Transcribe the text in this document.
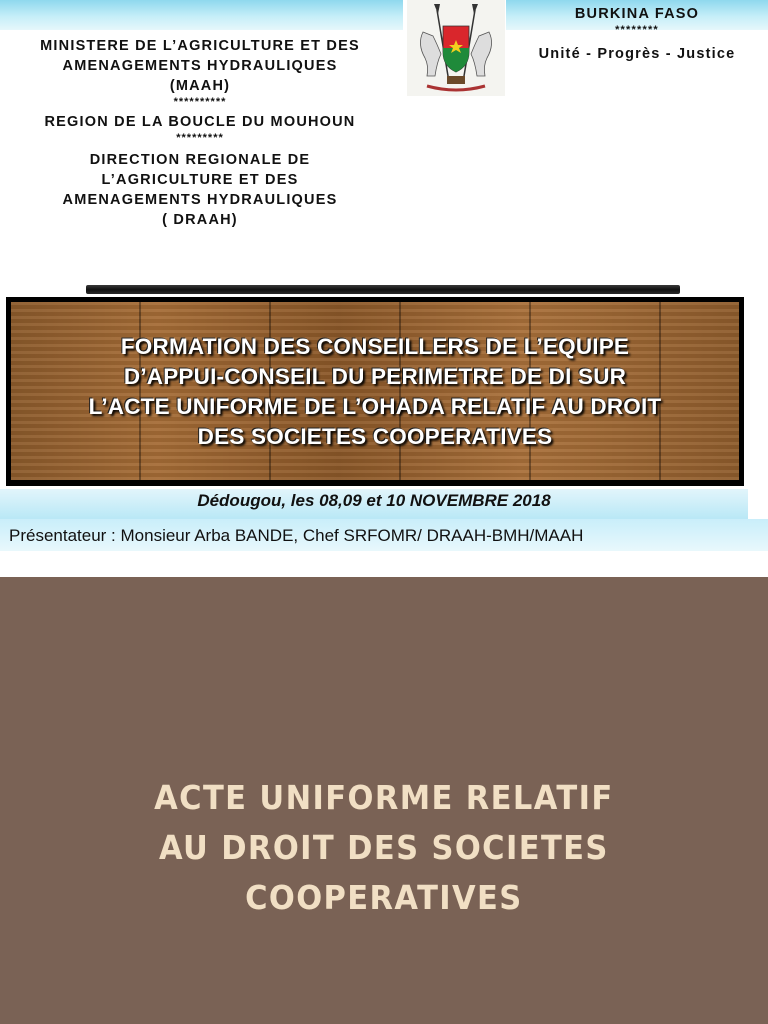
MINISTERE DE L’AGRICULTURE ET DES
AMENAGEMENTS HYDRAULIQUES
(MAAH)
**********
REGION DE LA BOUCLE DU MOUHOUN
*********
DIRECTION REGIONALE DE
L’AGRICULTURE ET DES
AMENAGEMENTS HYDRAULIQUES
( DRAAH)
BURKINA FASO
********
Unité - Progrès - Justice
FORMATION DES CONSEILLERS DE L’EQUIPE
D’APPUI-CONSEIL DU PERIMETRE DE DI SUR
L’ACTE UNIFORME DE L’OHADA RELATIF AU DROIT
DES SOCIETES COOPERATIVES
Dédougou, les 08,09 et 10 NOVEMBRE 2018
Présentateur : Monsieur Arba BANDE, Chef SRFOMR/ DRAAH-BMH/MAAH
ACTE UNIFORME RELATIF
AU DROIT DES SOCIETES
COOPERATIVES
